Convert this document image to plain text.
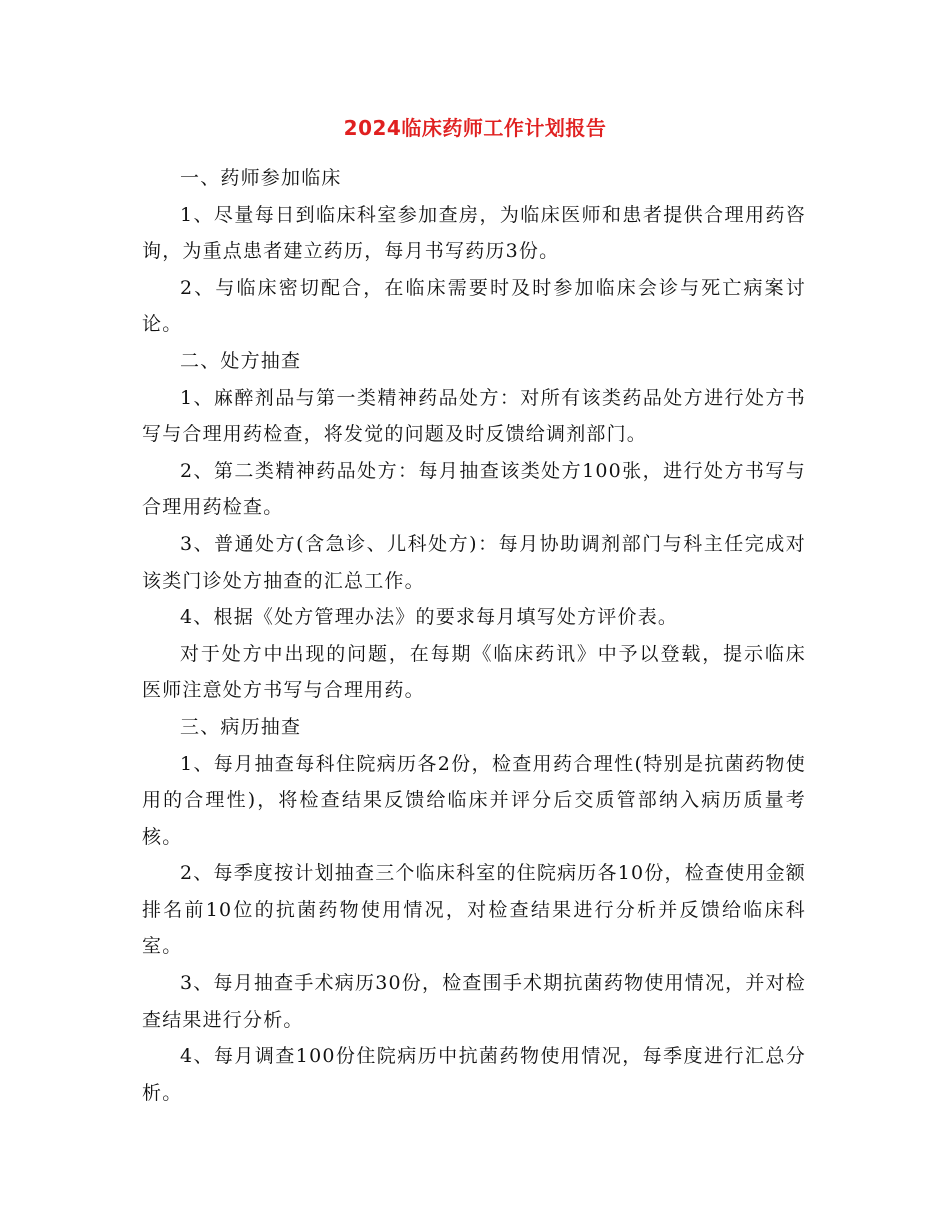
2024临床药师工作计划报告

一、药师参加临床

1、尽量每日到临床科室参加查房，为临床医师和患者提供合理用药咨询，为重点患者建立药历，每月书写药历3份。

2、与临床密切配合，在临床需要时及时参加临床会诊与死亡病案讨论。

二、处方抽查

1、麻醉剂品与第一类精神药品处方：对所有该类药品处方进行处方书写与合理用药检查，将发觉的问题及时反馈给调剂部门。

2、第二类精神药品处方：每月抽查该类处方100张，进行处方书写与合理用药检查。

3、普通处方(含急诊、儿科处方)：每月协助调剂部门与科主任完成对该类门诊处方抽查的汇总工作。

4、根据《处方管理办法》的要求每月填写处方评价表。

对于处方中出现的问题，在每期《临床药讯》中予以登载，提示临床医师注意处方书写与合理用药。

三、病历抽查

1、每月抽查每科住院病历各2份，检查用药合理性(特别是抗菌药物使用的合理性)，将检查结果反馈给临床并评分后交质管部纳入病历质量考核。

2、每季度按计划抽查三个临床科室的住院病历各10份，检查使用金额排名前10位的抗菌药物使用情况，对检查结果进行分析并反馈给临床科室。

3、每月抽查手术病历30份，检查围手术期抗菌药物使用情况，并对检查结果进行分析。

4、每月调查100份住院病历中抗菌药物使用情况，每季度进行汇总分析。
